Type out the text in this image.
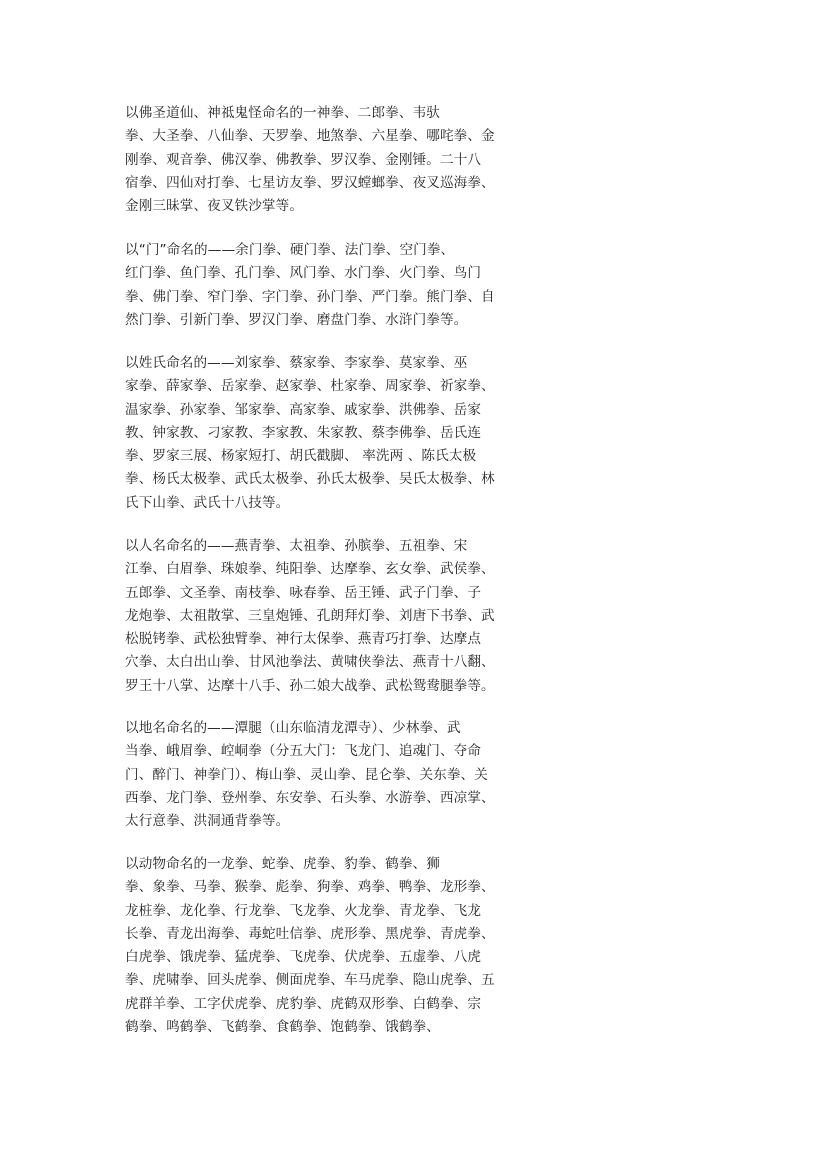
以佛圣道仙、神祗鬼怪命名的一神拳、二郎拳、韦驮
拳、大圣拳、八仙拳、天罗拳、地煞拳、六星拳、哪咤拳、金
刚拳、观音拳、佛汉拳、佛教拳、罗汉拳、金刚锤。二十八
宿拳、四仙对打拳、七星访友拳、罗汉螳螂拳、夜叉巡海拳、
金刚三昧掌、夜叉铁沙掌等。
以“门”命名的——余门拳、硬门拳、法门拳、空门拳、
红门拳、鱼门拳、孔门拳、风门拳、水门拳、火门拳、鸟门
拳、佛门拳、窄门拳、字门拳、孙门拳、严门拳。熊门拳、自
然门拳、引新门拳、罗汉门拳、磨盘门拳、水浒门拳等。
以姓氏命名的——刘家拳、蔡家拳、李家拳、莫家拳、巫
家拳、薛家拳、岳家拳、赵家拳、杜家拳、周家拳、祈家拳、
温家拳、孙家拳、邹家拳、高家拳、戚家拳、洪佛拳、岳家
教、钟家教、刁家教、李家教、朱家教、蔡李佛拳、岳氏连
拳、罗家三展、杨家短打、胡氏戳脚、 率洗两 、陈氏太极
拳、杨氏太极拳、武氏太极拳、孙氏太极拳、吴氏太极拳、林
氏下山拳、武氏十八技等。
以人名命名的——燕青拳、太祖拳、孙膑拳、五祖拳、宋
江拳、白眉拳、珠娘拳、纯阳拳、达摩拳、玄女拳、武侯拳、
五郎拳、文圣拳、南枝拳、咏春拳、岳王锤、武子门拳、子
龙炮拳、太祖散掌、三皇炮锤、孔朗拜灯拳、刘唐下书拳、武
松脱铐拳、武松独臂拳、神行太保拳、燕青巧打拳、达摩点
穴拳、太白出山拳、甘风池拳法、黄啸侠拳法、燕青十八翻、
罗王十八掌、达摩十八手、孙二娘大战拳、武松鸳鸯腿拳等。
以地名命名的——潭腿（山东临清龙潭寺）、少林拳、武
当拳、峨眉拳、崆峒拳（分五大门：飞龙门、追魂门、夺命
门、醉门、神拳门）、梅山拳、灵山拳、昆仑拳、关东拳、关
西拳、龙门拳、登州拳、东安拳、石头拳、水游拳、西凉掌、
太行意拳、洪洞通背拳等。
以动物命名的一龙拳、蛇拳、虎拳、豹拳、鹤拳、狮
拳、象拳、马拳、猴拳、彪拳、狗拳、鸡拳、鸭拳、龙形拳、
龙桩拳、龙化拳、行龙拳、飞龙拳、火龙拳、青龙拳、飞龙
长拳、青龙出海拳、毒蛇吐信拳、虎形拳、黑虎拳、青虎拳、
白虎拳、饿虎拳、猛虎拳、飞虎拳、伏虎拳、五虚拳、八虎
拳、虎啸拳、回头虎拳、侧面虎拳、车马虎拳、隐山虎拳、五
虎群羊拳、工字伏虎拳、虎豹拳、虎鹤双形拳、白鹤拳、宗
鹤拳、鸣鹤拳、飞鹤拳、食鹤拳、饱鹤拳、饿鹤拳、
